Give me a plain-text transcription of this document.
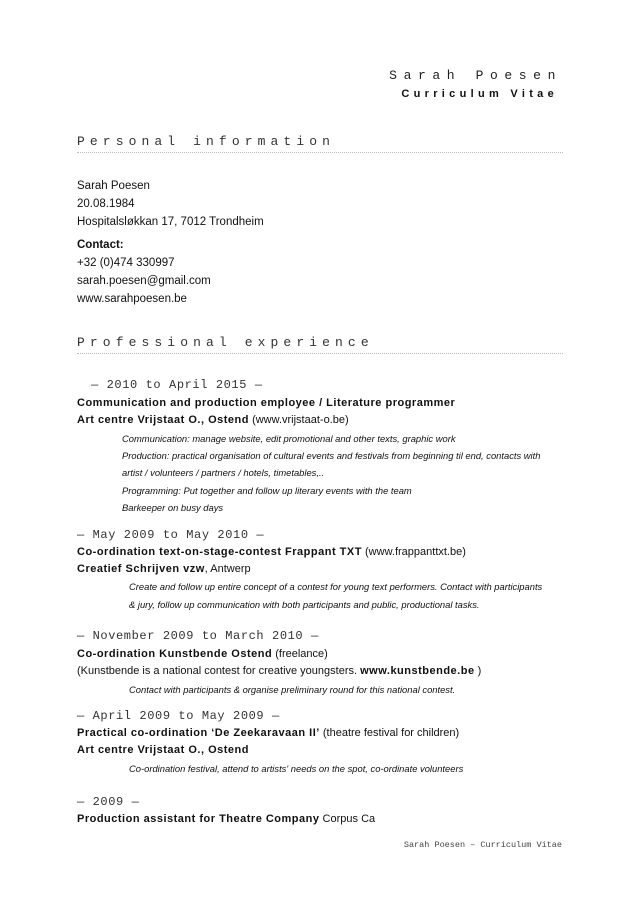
Sarah Poesen
Curriculum Vitae
Personal information
Sarah Poesen
20.08.1984
Hospitalsløkkan 17, 7012 Trondheim
Contact:
+32 (0)474 330997
sarah.poesen@gmail.com
www.sarahpoesen.be
Professional experience
— 2010 to April 2015 —
Communication and production employee / Literature programmer
Art centre Vrijstaat O., Ostend (www.vrijstaat-o.be)
Communication: manage website, edit promotional and other texts, graphic work
Production: practical organisation of cultural events and festivals from beginning til end, contacts with
artist / volunteers / partners / hotels, timetables,..
Programming: Put together and follow up literary events with the team
Barkeeper on busy days
— May 2009 to May 2010 —
Co-ordination text-on-stage-contest Frappant TXT (www.frappanttxt.be)
Creatief Schrijven vzw, Antwerp
Create and follow up entire concept of a contest for young text performers. Contact with participants
& jury, follow up communication with both participants and public, productional tasks.
— November 2009 to March 2010 —
Co-ordination Kunstbende Ostend (freelance)
(Kunstbende is a national contest for creative youngsters. www.kunstbende.be )
Contact with participants & organise preliminary round for this national contest.
— April 2009 to May 2009 —
Practical co-ordination ‘De Zeekaravaan II’ (theatre festival for children)
Art centre Vrijstaat O., Ostend
Co-ordination festival, attend to artists' needs on the spot, co-ordinate volunteers
— 2009 —
Production assistant for Theatre Company Corpus Ca
Sarah Poesen – Curriculum Vitae
